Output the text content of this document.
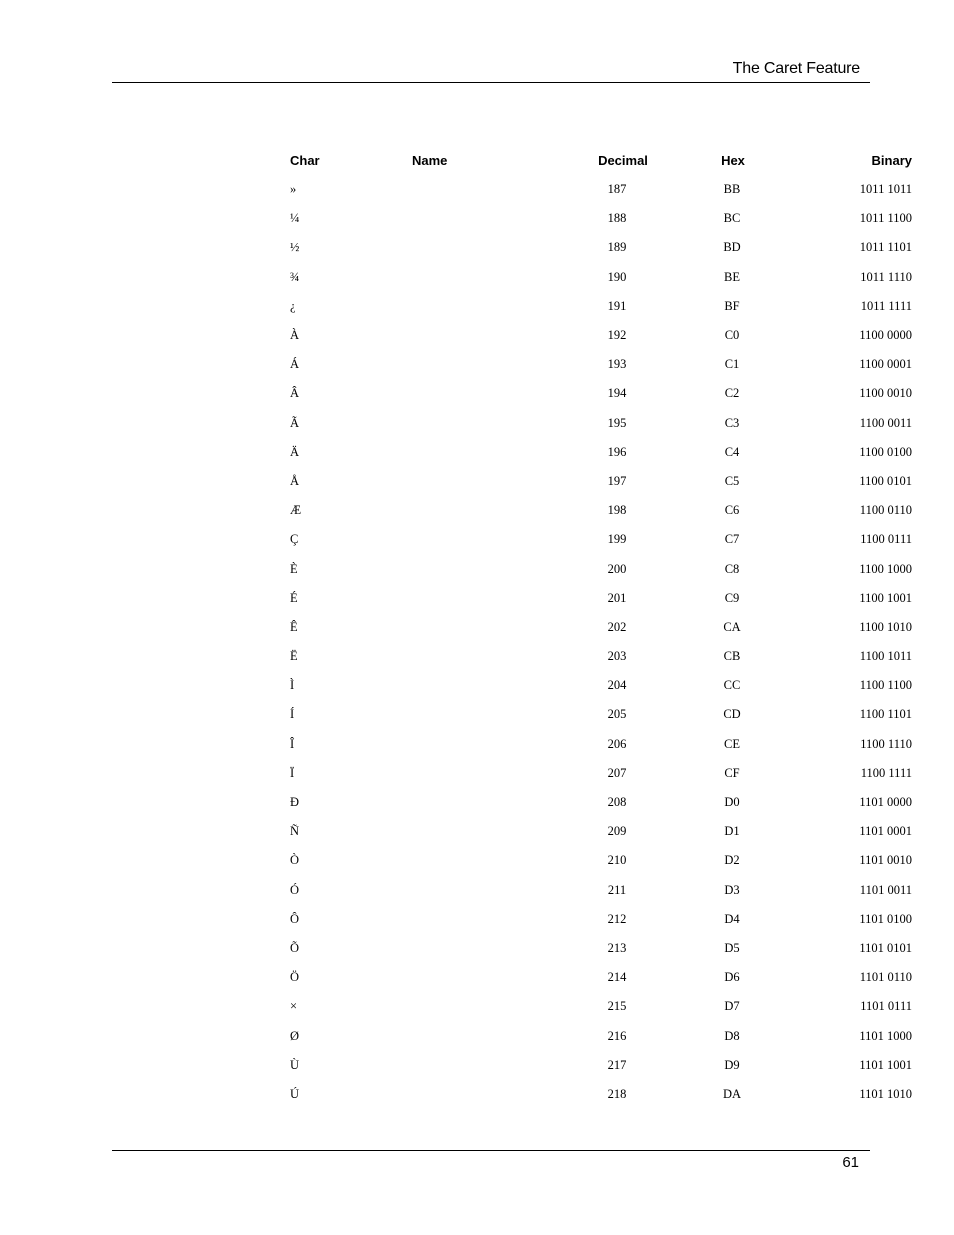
The Caret Feature
Char	Name	Decimal	Hex	Binary
»		187	BB	1011 1011
¼		188	BC	1011 1100
½		189	BD	1011 1101
¾		190	BE	1011 1110
¿		191	BF	1011 1111
À		192	C0	1100 0000
Á		193	C1	1100 0001
Â		194	C2	1100 0010
Ã		195	C3	1100 0011
Ä		196	C4	1100 0100
Å		197	C5	1100 0101
Æ		198	C6	1100 0110
Ç		199	C7	1100 0111
È		200	C8	1100 1000
É		201	C9	1100 1001
Ê		202	CA	1100 1010
Ë		203	CB	1100 1011
Ì		204	CC	1100 1100
Í		205	CD	1100 1101
Î		206	CE	1100 1110
Ï		207	CF	1100 1111
Ð		208	D0	1101 0000
Ñ		209	D1	1101 0001
Ò		210	D2	1101 0010
Ó		211	D3	1101 0011
Ô		212	D4	1101 0100
Õ		213	D5	1101 0101
Ö		214	D6	1101 0110
×		215	D7	1101 0111
Ø		216	D8	1101 1000
Ù		217	D9	1101 1001
Ú		218	DA	1101 1010
61
